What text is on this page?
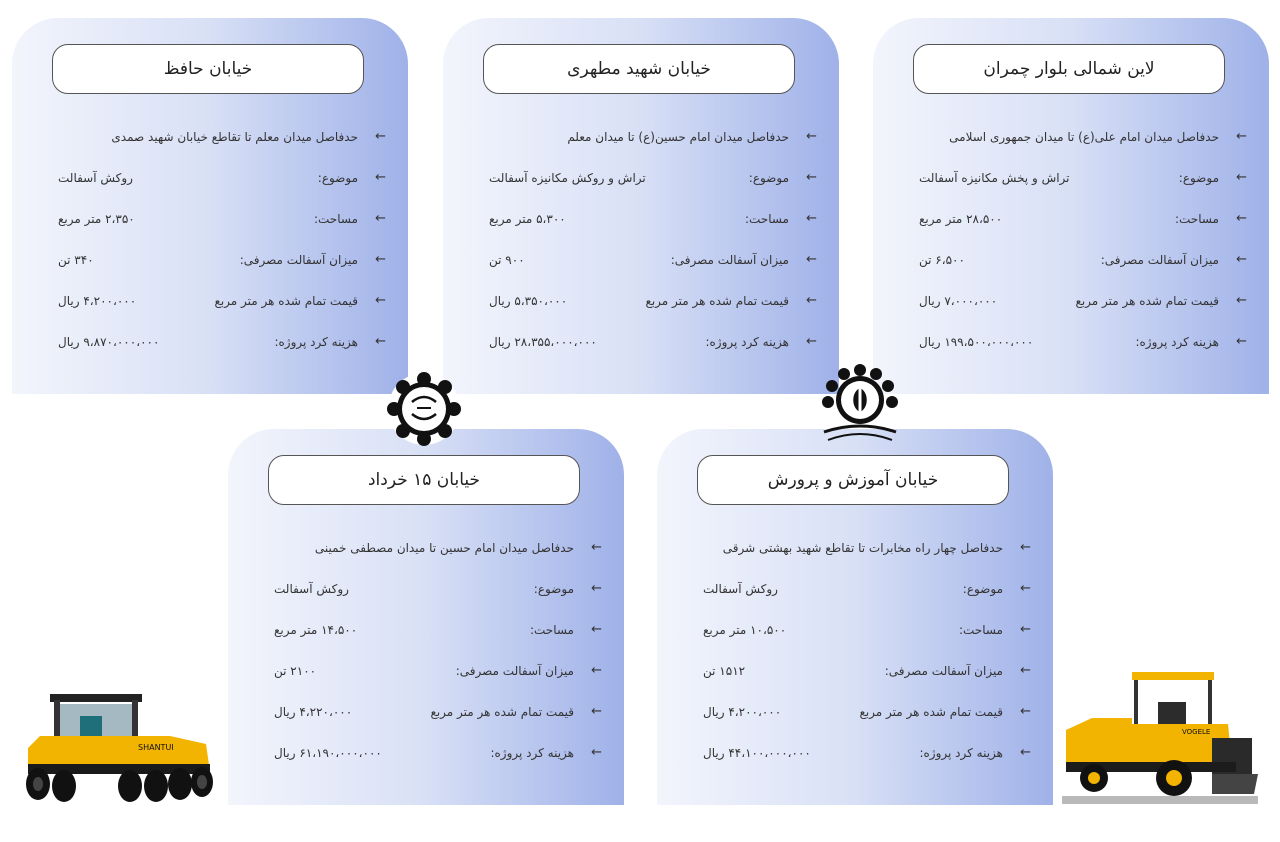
خیابان حافظ
←
حدفاصل میدان معلم تا تقاطع خیابان شهید صمدی
←
موضوع:
روکش آسفالت
←
مساحت:
۲،۳۵۰ متر مربع
←
میزان آسفالت مصرفی:
۳۴۰ تن
←
قیمت تمام شده هر متر مربع
۴،۲۰۰،۰۰۰ ریال
←
هزینه کرد پروژه:
۹،۸۷۰،۰۰۰،۰۰۰ ریال
خیابان شهید مطهری
←
حدفاصل میدان امام حسین(ع) تا میدان معلم
←
موضوع:
تراش و روکش مکانیزه آسفالت
←
مساحت:
۵،۳۰۰ متر مربع
←
میزان آسفالت مصرفی:
۹۰۰ تن
←
قیمت تمام شده هر متر مربع
۵،۳۵۰،۰۰۰ ریال
←
هزینه کرد پروژه:
۲۸،۳۵۵،۰۰۰،۰۰۰ ریال
لاین شمالی بلوار چمران
←
حدفاصل میدان امام علی(ع) تا میدان جمهوری اسلامی
←
موضوع:
تراش و پخش مکانیزه آسفالت
←
مساحت:
۲۸،۵۰۰ متر مربع
←
میزان آسفالت مصرفی:
۶،۵۰۰ تن
←
قیمت تمام شده هر متر مربع
۷،۰۰۰،۰۰۰ ریال
←
هزینه کرد پروژه:
۱۹۹،۵۰۰،۰۰۰،۰۰۰ ریال
خیابان ۱۵ خرداد
←
حدفاصل میدان امام حسین تا میدان مصطفی خمینی
←
موضوع:
روکش آسفالت
←
مساحت:
۱۴،۵۰۰ متر مربع
←
میزان آسفالت مصرفی:
۲۱۰۰ تن
←
قیمت تمام شده هر متر مربع
۴،۲۲۰،۰۰۰ ریال
←
هزینه کرد پروژه:
۶۱،۱۹۰،۰۰۰،۰۰۰ ریال
خیابان آموزش و پرورش
←
حدفاصل چهار راه مخابرات تا تقاطع شهید بهشتی شرقی
←
موضوع:
روکش آسفالت
←
مساحت:
۱۰،۵۰۰ متر مربع
←
میزان آسفالت مصرفی:
۱۵۱۲ تن
←
قیمت تمام شده هر متر مربع
۴،۲۰۰،۰۰۰ ریال
←
هزینه کرد پروژه:
۴۴،۱۰۰،۰۰۰،۰۰۰ ریال
SHANTUI
VOGELE
